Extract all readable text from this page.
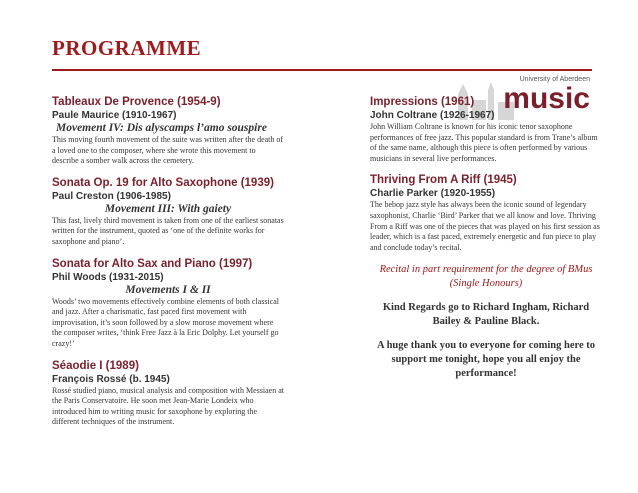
PROGRAMME
University of Aberdeen
music
Tableaux De Provence (1954-9)
Paule Maurice (1910-1967)
Movement IV: Dis alyscamps l’amo souspire
This moving fourth movement of the suite was written after the death of a loved one to the composer, where she wrote this movement to describe a somber walk across the cemetery.
Sonata Op. 19 for Alto Saxophone (1939)
Paul Creston (1906-1985)
Movement III: With gaiety
This fast, lively third movement is taken from one of the earliest sonatas written for the instrument, quoted as ‘one of the definite works for saxophone and piano’.
Sonata for Alto Sax and Piano (1997)
Phil Woods (1931-2015)
Movements I & II
Woods’ two movements effectively combine elements of both classical and jazz. After a charismatic, fast paced first movement with improvisation, it’s soon followed by a slow morose movement where the composer writes, ‘think Free Jazz à la Eric Dolphy. Let yourself go crazy!’
Séaodie I (1989)
François Rossé (b. 1945)
Rossé studied piano, musical analysis and composition with Messiaen at the Paris Conservatoire. He soon met Jean-Marie Londeix who introduced him to writing music for saxophone by exploring the different techniques of the instrument.
Impressions (1961)
John Coltrane (1926-1967)
John William Coltrane is known for his iconic tenor saxophone performances of free jazz. This popular standard is from Trane’s album of the same name, although this piece is often performed by various musicians in several live performances.
Thriving From A Riff (1945)
Charlie Parker (1920-1955)
The bebop jazz style has always been the iconic sound of legendary saxophonist, Charlie ‘Bird’ Parker that we all know and love. Thriving From a Riff was one of the pieces that was played on his first session as leader, which is a fast paced, extremely energetic and fun piece to play and conclude today’s recital.
Recital in part requirement for the degree of BMus (Single Honours)
Kind Regards go to Richard Ingham, Richard Bailey & Pauline Black.
A huge thank you to everyone for coming here to support me tonight, hope you all enjoy the performance!
